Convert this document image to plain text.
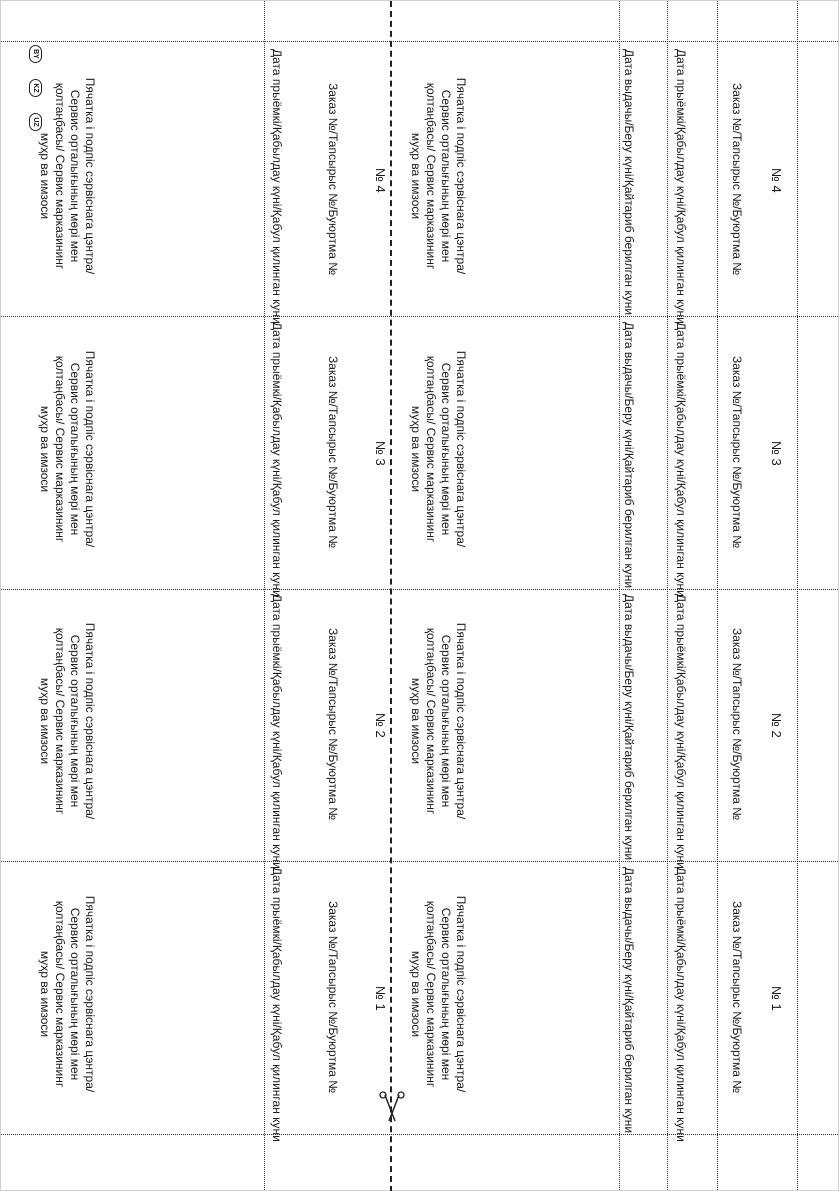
№ 4
Заказ №/Тапсырыс №/Буюртма №
Дата прыёмкі/Қабылдау күні/Қабул қилинган куни
Дата выдачы/Беру күні/Қайтариб берилган куни
Пячатка і подпіс сэрвіснага цэнтра/ Сервис орталығының мөрі мен қолтаңбасы/ Сервис марказининг муҳр ва имзоси
№ 4
Заказ №/Тапсырыс №/Буюртма №
Дата прыёмкі/Қабылдау күні/Қабул қилинган куни
Пячатка і подпіс сэрвіснага цэнтра/ Сервис орталығының мөрі мен қолтаңбасы/ Сервис марказининг муҳр ва имзоси
№ 3
Заказ №/Тапсырыс №/Буюртма №
Дата прыёмкі/Қабылдау күні/Қабул қилинган куни
Дата выдачы/Беру күні/Қайтариб берилган куни
Пячатка і подпіс сэрвіснага цэнтра/ Сервис орталығының мөрі мен қолтаңбасы/ Сервис марказининг муҳр ва имзоси
№ 3
Заказ №/Тапсырыс №/Буюртма №
Дата прыёмкі/Қабылдау күні/Қабул қилинган куни
Пячатка і подпіс сэрвіснага цэнтра/ Сервис орталығының мөрі мен қолтаңбасы/ Сервис марказининг муҳр ва имзоси
№ 2
Заказ №/Тапсырыс №/Буюртма №
Дата прыёмкі/Қабылдау күні/Қабул қилинган куни
Дата выдачы/Беру күні/Қайтариб берилган куни
Пячатка і подпіс сэрвіснага цэнтра/ Сервис орталығының мөрі мен қолтаңбасы/ Сервис марказининг муҳр ва имзоси
№ 2
Заказ №/Тапсырыс №/Буюртма №
Дата прыёмкі/Қабылдау күні/Қабул қилинган куни
Пячатка і подпіс сэрвіснага цэнтра/ Сервис орталығының мөрі мен қолтаңбасы/ Сервис марказининг муҳр ва имзоси
№ 1
Заказ №/Тапсырыс №/Буюртма №
Дата прыёмкі/Қабылдау күні/Қабул қилинган куни
Дата выдачы/Беру күні/Қайтариб берилган куни
Пячатка і подпіс сэрвіснага цэнтра/ Сервис орталығының мөрі мен қолтаңбасы/ Сервис марказининг муҳр ва имзоси
№ 1
Заказ №/Тапсырыс №/Буюртма №
Дата прыёмкі/Қабылдау күні/Қабул қилинган куни
Пячатка і подпіс сэрвіснага цэнтра/ Сервис орталығының мөрі мен қолтаңбасы/ Сервис марказининг муҳр ва имзоси
BY
KZ
UZ
